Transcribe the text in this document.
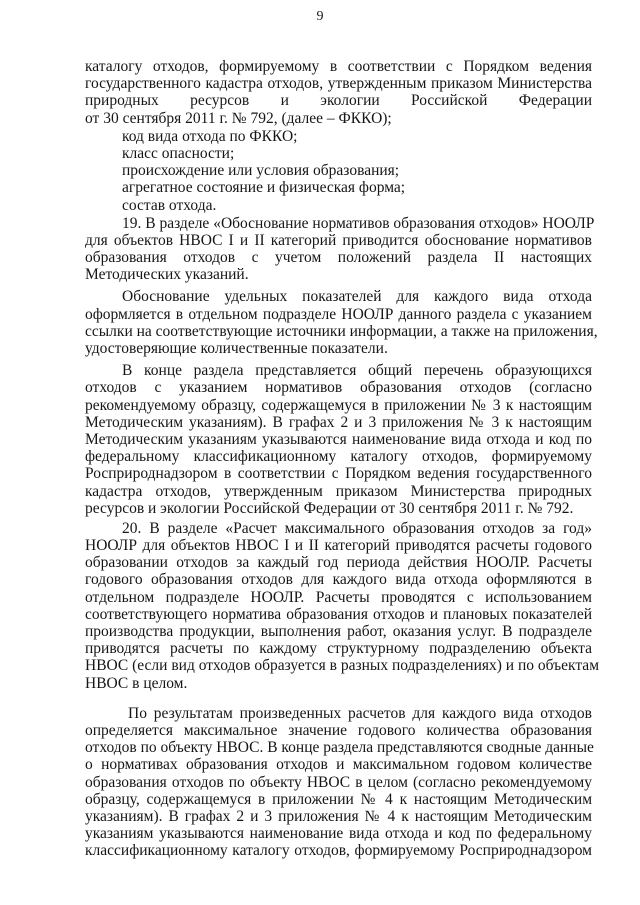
9

каталогу отходов, формируемому в соответствии с Порядком ведения
государственного кадастра отходов, утвержденным приказом Министерства
природных ресурсов и экологии Российской Федерации
от 30 сентября 2011 г. № 792, (далее – ФККО);

код вида отхода по ФККО;
класс опасности;
происхождение или условия образования;
агрегатное состояние и физическая форма;
состав отхода.

19. В разделе «Обоснование нормативов образования отходов» НООЛР
для объектов НВОС I и II категорий приводится обоснование нормативов
образования отходов с учетом положений раздела II настоящих
Методических указаний.

Обоснование удельных показателей для каждого вида отхода
оформляется в отдельном подразделе НООЛР данного раздела с указанием
ссылки на соответствующие источники информации, а также на приложения,
удостоверяющие количественные показатели.

В конце раздела представляется общий перечень образующихся
отходов с указанием нормативов образования отходов (согласно
рекомендуемому образцу, содержащемуся в приложении № 3 к настоящим
Методическим указаниям). В графах 2 и 3 приложения № 3 к настоящим
Методическим указаниям указываются наименование вида отхода и код по
федеральному классификационному каталогу отходов, формируемому
Росприроднадзором в соответствии с Порядком ведения государственного
кадастра отходов, утвержденным приказом Министерства природных
ресурсов и экологии Российской Федерации от 30 сентября 2011 г. № 792.

20. В разделе «Расчет максимального образования отходов за год»
НООЛР для объектов НВОС I и II категорий приводятся расчеты годового
образовании отходов за каждый год периода действия НООЛР. Расчеты
годового образования отходов для каждого вида отхода оформляются в
отдельном подразделе НООЛР. Расчеты проводятся с использованием
соответствующего норматива образования отходов и плановых показателей
производства продукции, выполнения работ, оказания услуг. В подразделе
приводятся расчеты по каждому структурному подразделению объекта
НВОС (если вид отходов образуется в разных подразделениях) и по объектам
НВОС в целом.

По результатам произведенных расчетов для каждого вида отходов
определяется максимальное значение годового количества образования
отходов по объекту НВОС. В конце раздела представляются сводные данные
о нормативах образования отходов и максимальном годовом количестве
образования отходов по объекту НВОС в целом (согласно рекомендуемому
образцу, содержащемуся в приложении № 4 к настоящим Методическим
указаниям). В графах 2 и 3 приложения № 4 к настоящим Методическим
указаниям указываются наименование вида отхода и код по федеральному
классификационному каталогу отходов, формируемому Росприроднадзором
